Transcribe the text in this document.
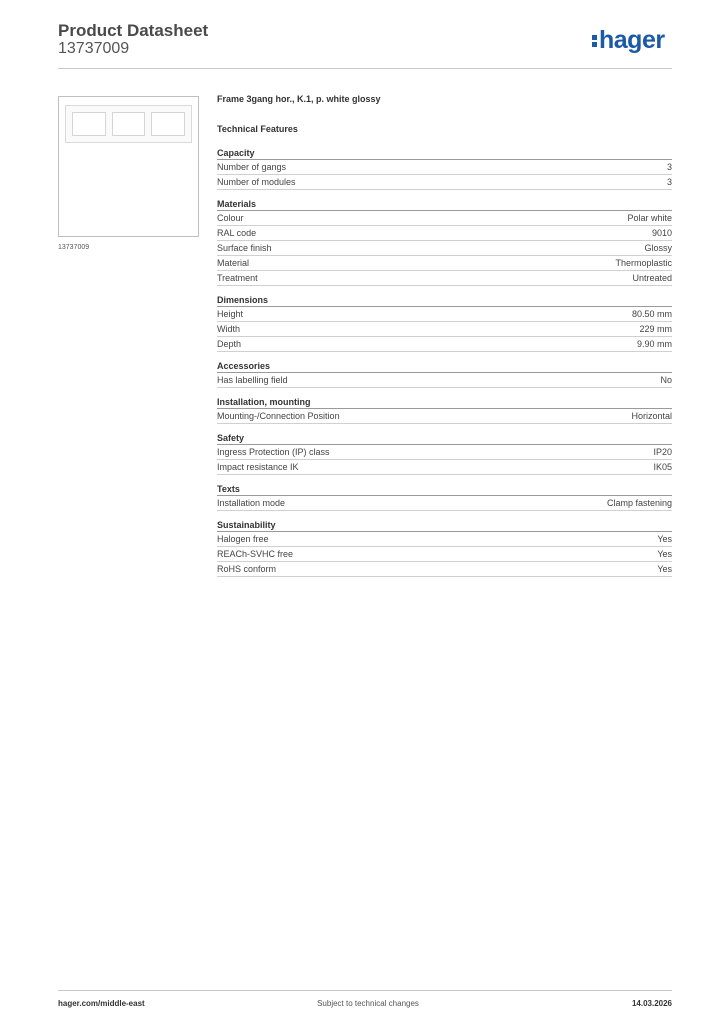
Product Datasheet
13737009	hager
13737009
Frame 3gang hor., K.1, p. white glossy
Technical Features
Capacity
Number of gangs	3
Number of modules	3
Materials
Colour	Polar white
RAL code	9010
Surface finish	Glossy
Material	Thermoplastic
Treatment	Untreated
Dimensions
Height	80.50 mm
Width	229 mm
Depth	9.90 mm
Accessories
Has labelling field	No
Installation, mounting
Mounting-/Connection Position	Horizontal
Safety
Ingress Protection (IP) class	IP20
Impact resistance IK	IK05
Texts
Installation mode	Clamp fastening
Sustainability
Halogen free	Yes
REACh-SVHC free	Yes
RoHS conform	Yes
hager.com/middle-east	Subject to technical changes	14.03.2026
